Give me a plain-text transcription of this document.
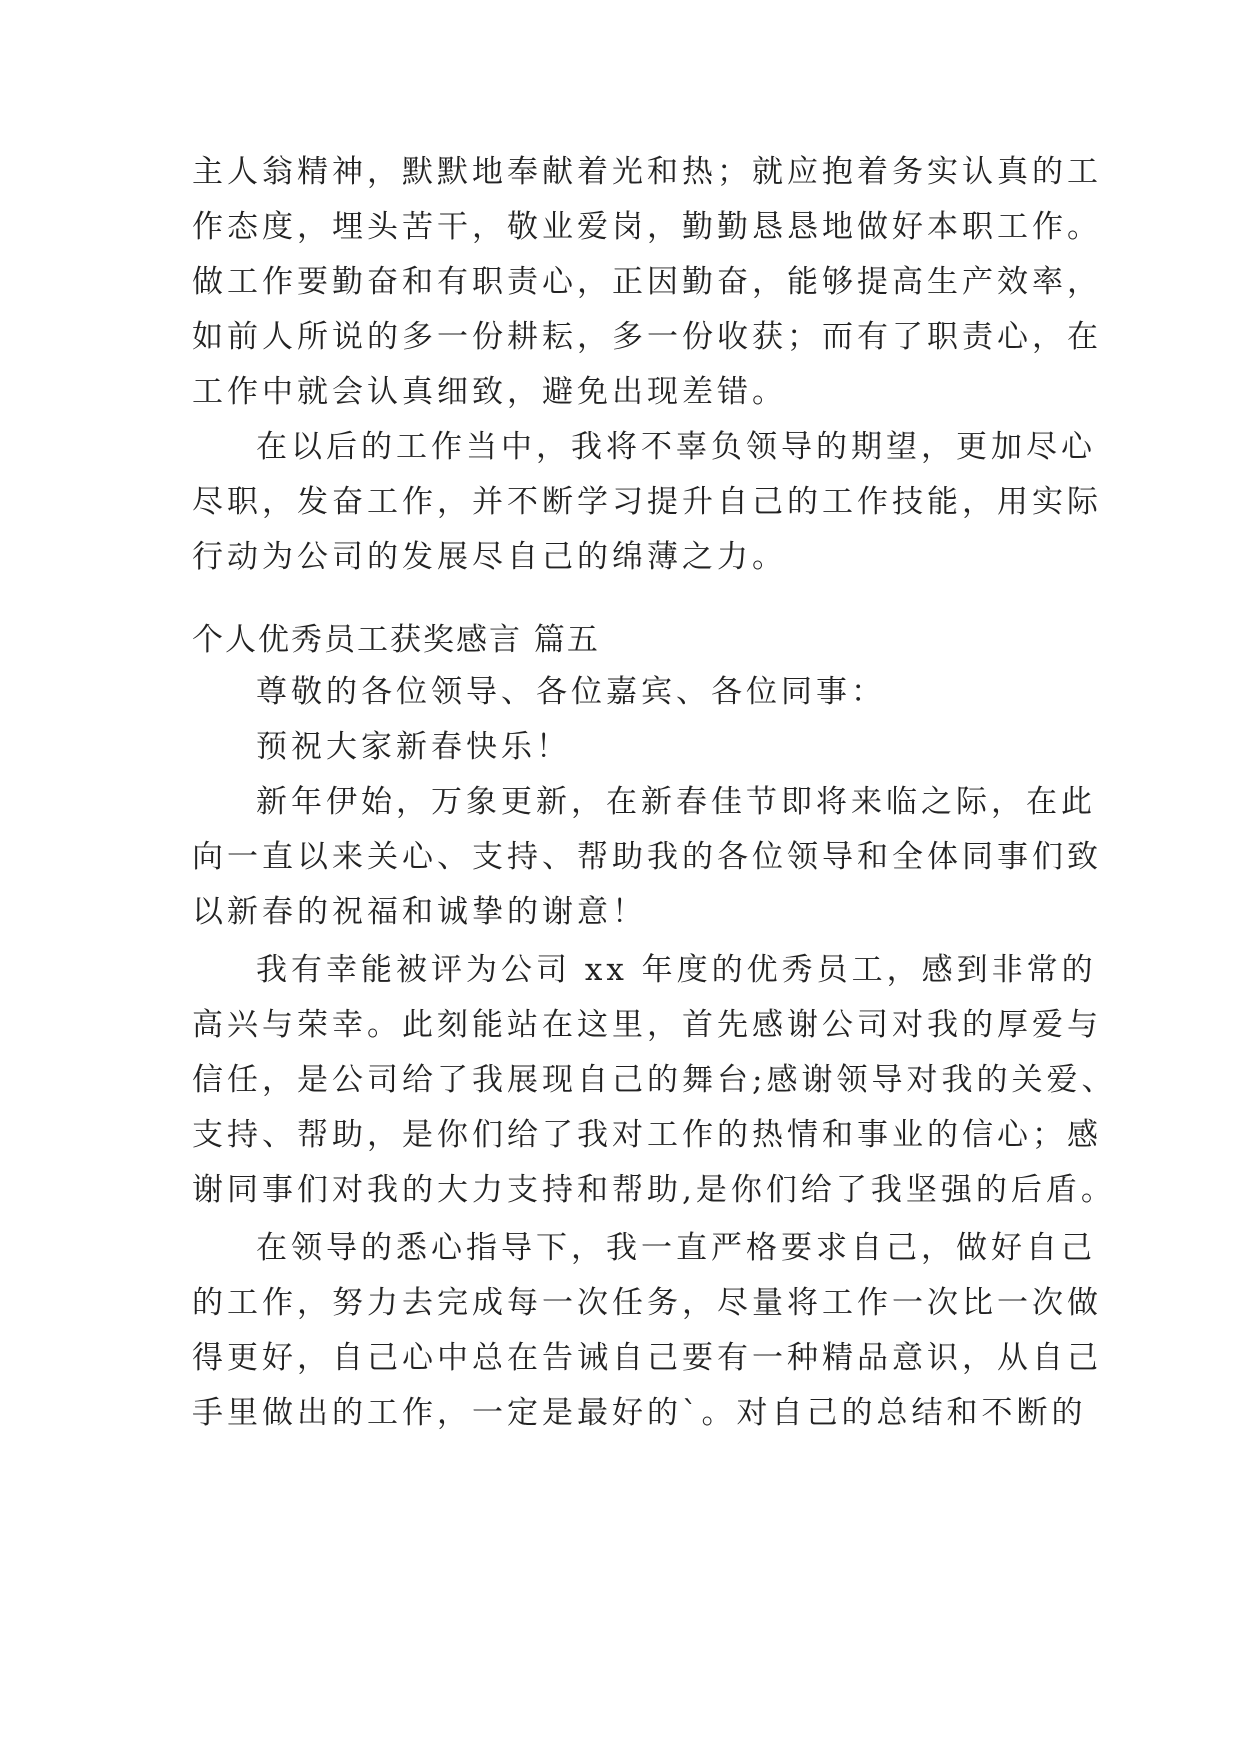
主人翁精神，默默地奉献着光和热；就应抱着务实认真的工
作态度，埋头苦干，敬业爱岗，勤勤恳恳地做好本职工作。
做工作要勤奋和有职责心，正因勤奋，能够提高生产效率，
如前人所说的多一份耕耘，多一份收获；而有了职责心，在
工作中就会认真细致，避免出现差错。
在以后的工作当中，我将不辜负领导的期望，更加尽心
尽职，发奋工作，并不断学习提升自己的工作技能，用实际
行动为公司的发展尽自己的绵薄之力。
个人优秀员工获奖感言 篇五
尊敬的各位领导、各位嘉宾、各位同事：
预祝大家新春快乐！
新年伊始，万象更新，在新春佳节即将来临之际，在此
向一直以来关心、支持、帮助我的各位领导和全体同事们致
以新春的祝福和诚挚的谢意！
我有幸能被评为公司 xx 年度的优秀员工，感到非常的
高兴与荣幸。此刻能站在这里，首先感谢公司对我的厚爱与
信任，是公司给了我展现自己的舞台;感谢领导对我的关爱、
支持、帮助，是你们给了我对工作的热情和事业的信心；感
谢同事们对我的大力支持和帮助,是你们给了我坚强的后盾。
在领导的悉心指导下，我一直严格要求自己，做好自己
的工作，努力去完成每一次任务，尽量将工作一次比一次做
得更好，自己心中总在告诫自己要有一种精品意识，从自己
手里做出的工作，一定是最好的`。对自己的总结和不断的
